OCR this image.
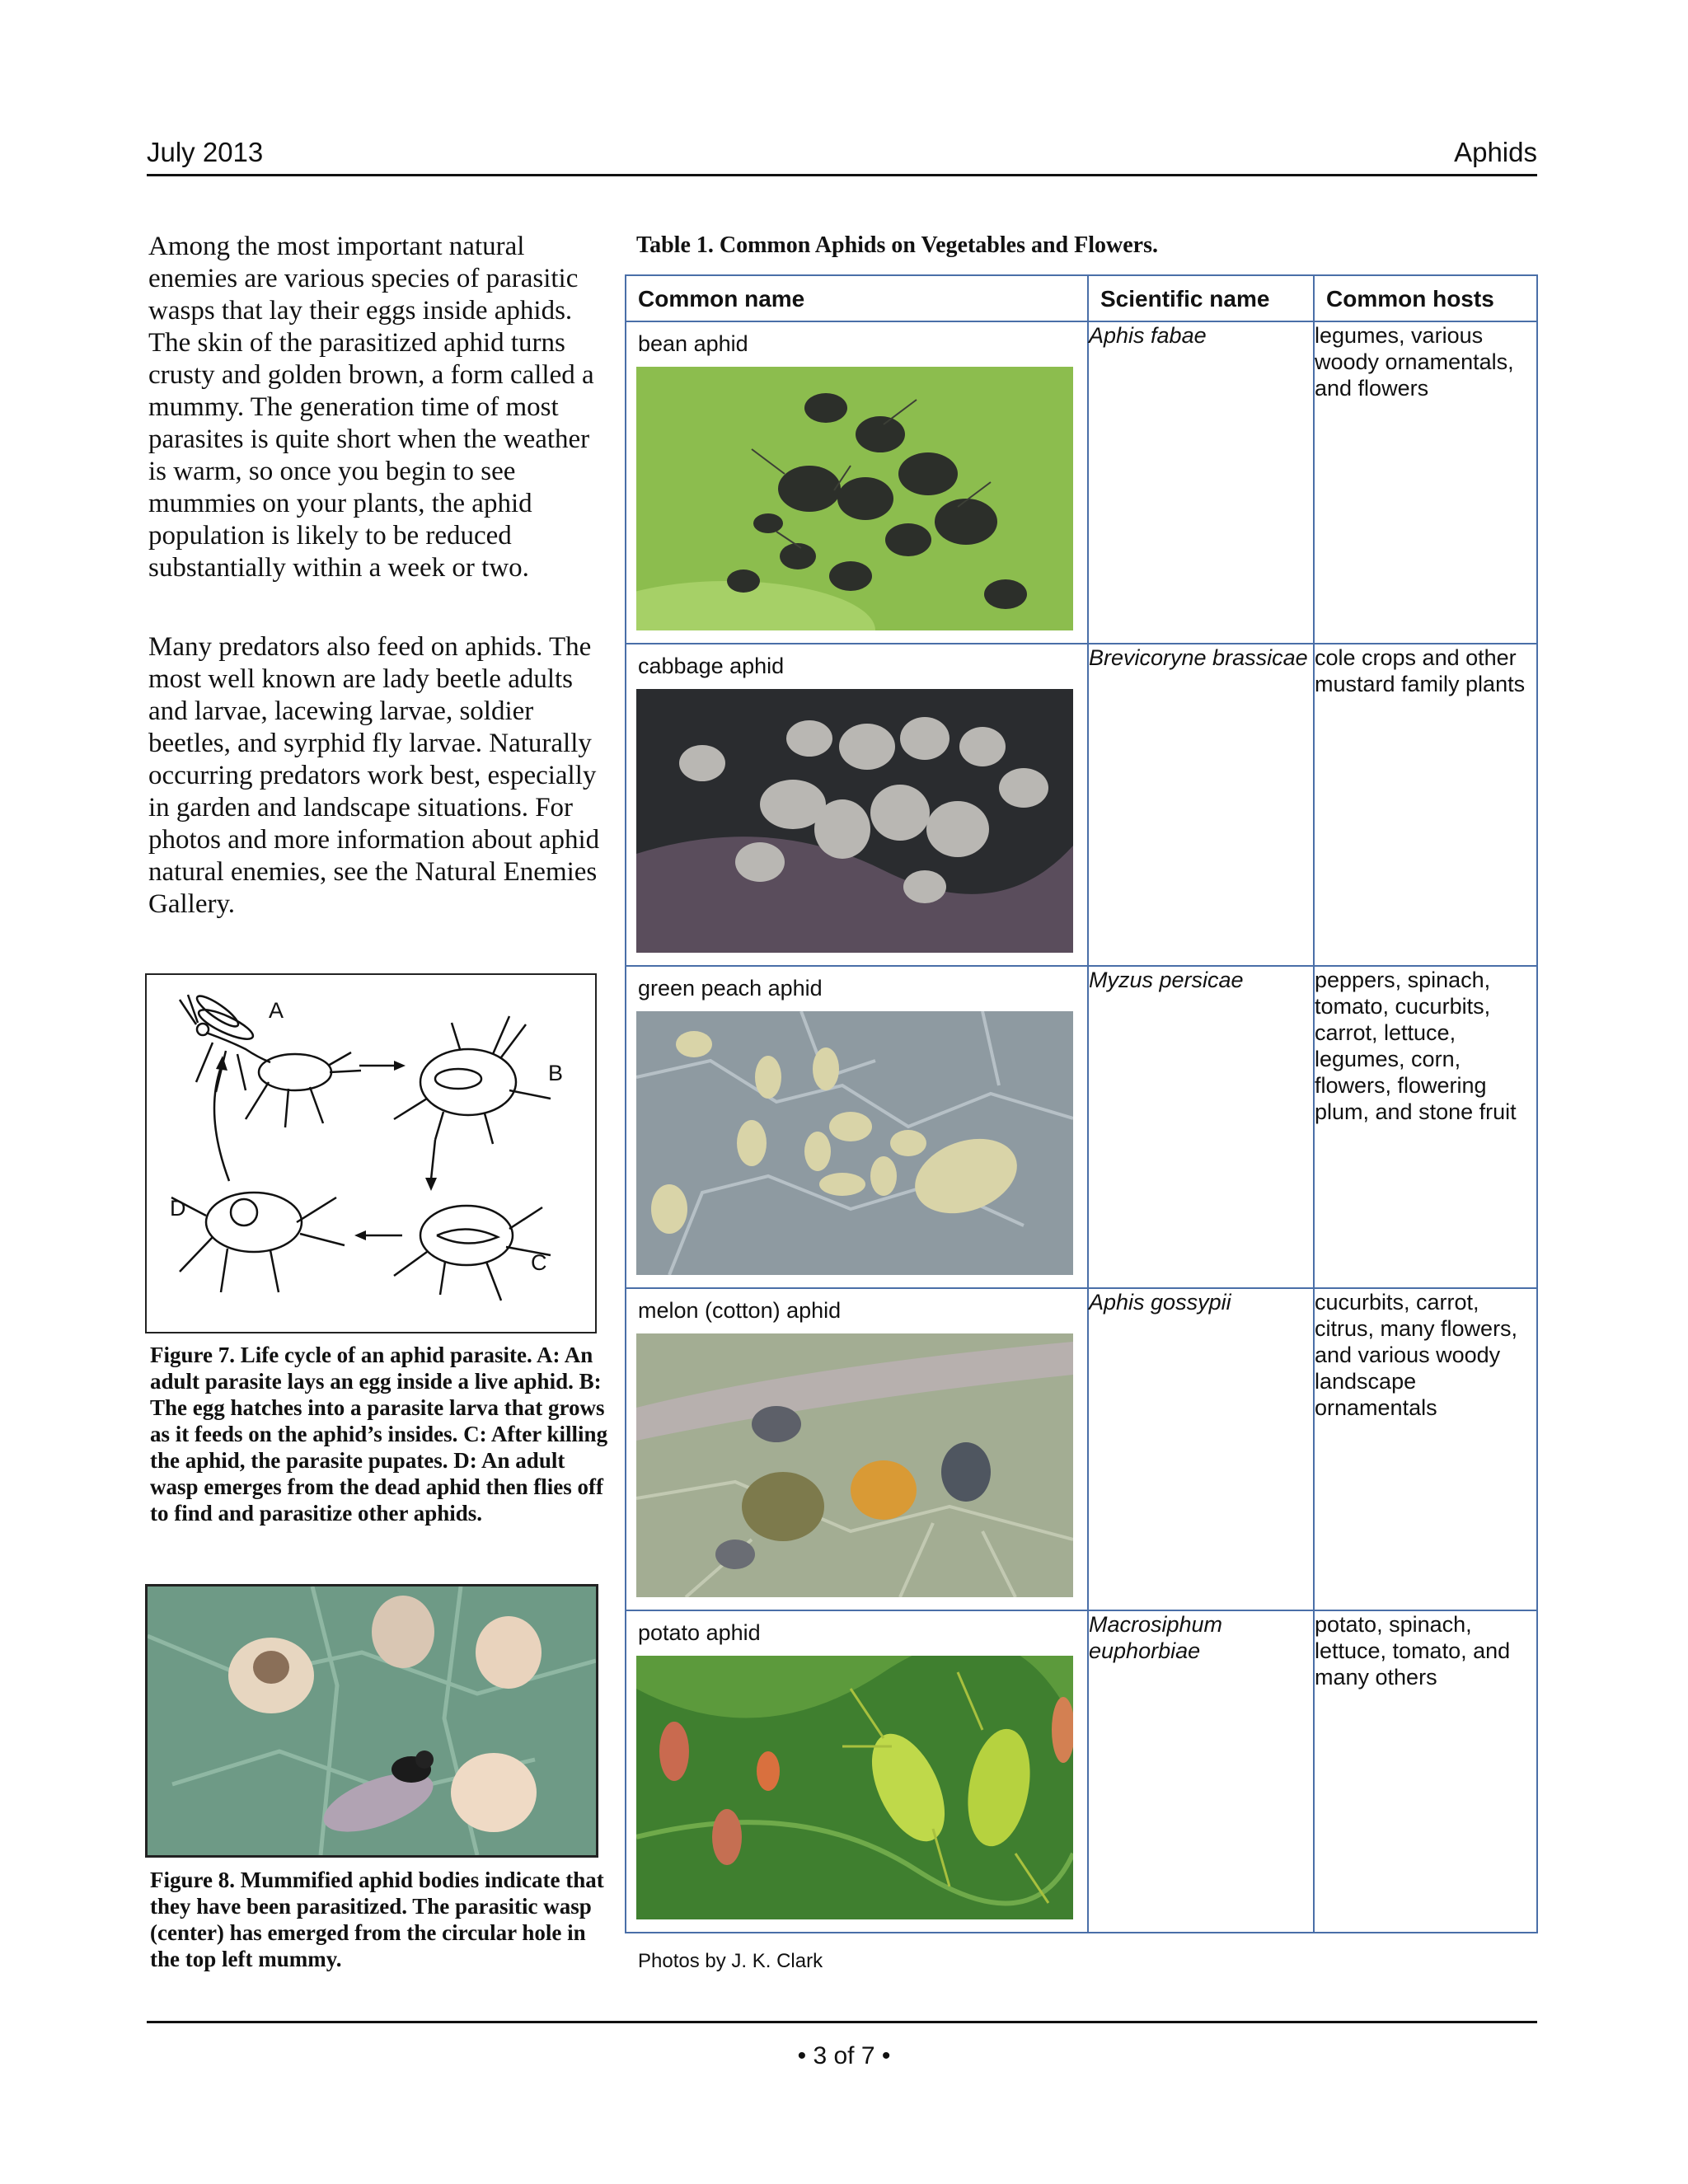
July 2013	Aphids

Among the most important natural enemies are various species of parasitic wasps that lay their eggs inside aphids. The skin of the parasitized aphid turns crusty and golden brown, a form called a mummy. The generation time of most parasites is quite short when the weather is warm, so once you begin to see mummies on your plants, the aphid population is likely to be reduced substantially within a week or two.

Many predators also feed on aphids. The most well known are lady beetle adults and larvae, lacewing larvae, soldier beetles, and syrphid fly larvae. Naturally occurring predators work best, especially in garden and landscape situations. For photos and more information about aphid natural enemies, see the Natural Enemies Gallery.

A
B
C
D

Figure 7. Life cycle of an aphid parasite. A: An adult parasite lays an egg inside a live aphid. B: The egg hatches into a parasite larva that grows as it feeds on the aphid’s insides. C: After killing the aphid, the parasite pupates. D: An adult wasp emerges from the dead aphid then flies off to find and parasitize other aphids.

Figure 8. Mummified aphid bodies indicate that they have been parasitized. The parasitic wasp (center) has emerged from the circular hole in the top left mummy.

Table 1. Common Aphids on Vegetables and Flowers.
Common name	Scientific name	Common hosts

bean aphid	Aphis fabae	legumes, various woody ornamentals, and flowers

cabbage aphid	Brevicoryne brassicae	cole crops and other mustard family plants

green peach aphid	Myzus persicae	peppers, spinach, tomato, cucurbits, carrot, lettuce, legumes, corn, flowers, flowering plum, and stone fruit

melon (cotton) aphid	Aphis gossypii	cucurbits, carrot, citrus, many flowers, and various woody landscape ornamentals

potato aphid	Macrosiphum euphorbiae	potato, spinach, lettuce, tomato, and many others
Photos by J. K. Clark
• 3 of 7 •
